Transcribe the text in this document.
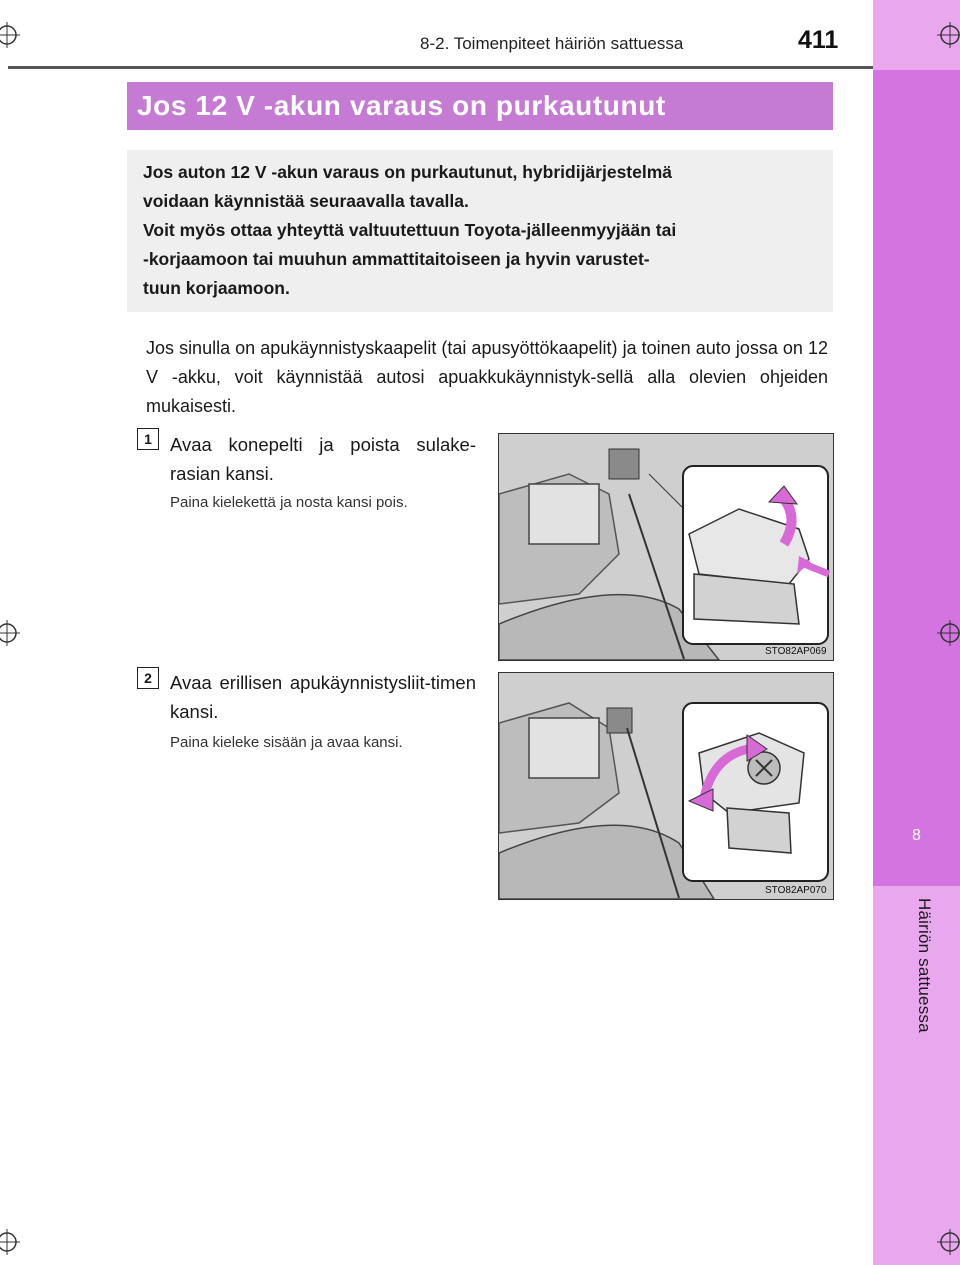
8
Häiriön sattuessa
8-2. Toimenpiteet häiriön sattuessa	411
Jos 12 V -akun varaus on purkautunut
Jos auton 12 V -akun varaus on purkautunut, hybridijärjestelmä
voidaan käynnistää seuraavalla tavalla.
Voit myös ottaa yhteyttä valtuutettuun Toyota-jälleenmyyjään tai
-korjaamoon tai muuhun ammattitaitoiseen ja hyvin varustet-
tuun korjaamoon.
Jos sinulla on apukäynnistyskaapelit (tai apusyöttökaapelit) ja toinen auto jossa on 12 V -akku, voit käynnistää autosi apuakkukäynnistyk-sellä alla olevien ohjeiden mukaisesti.
1 Avaa konepelti ja poista sulake-rasian kansi.
Paina kielekettä ja nosta kansi pois.
STO82AP069
2 Avaa erillisen apukäynnistysliit-timen kansi.
Paina kieleke sisään ja avaa kansi.
STO82AP070
